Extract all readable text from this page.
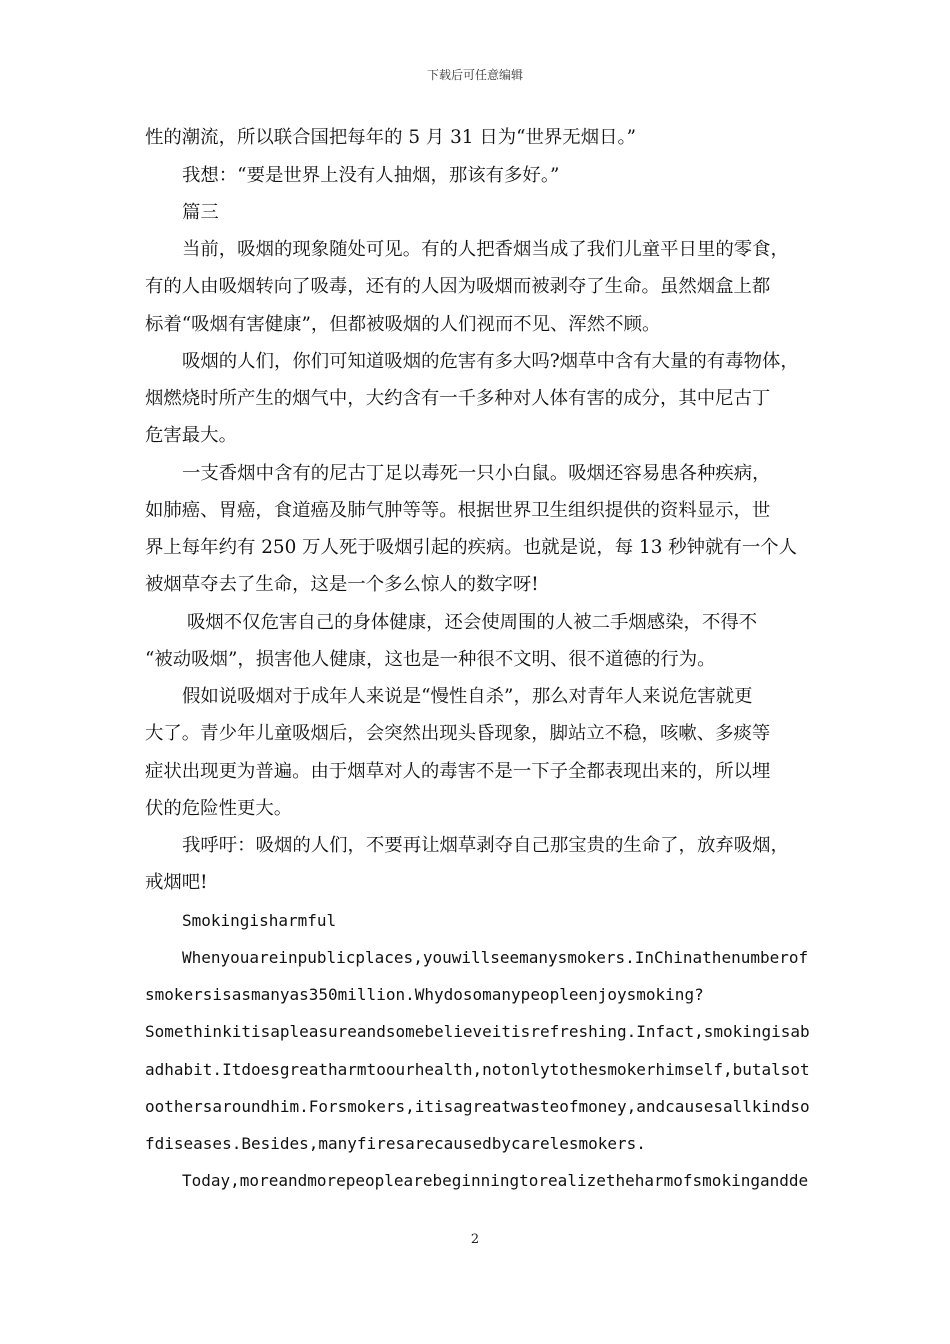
下载后可任意编辑
性的潮流，所以联合国把每年的 5 月 31 日为“世界无烟日。”
我想：“要是世界上没有人抽烟，那该有多好。”
篇三
当前，吸烟的现象随处可见。有的人把香烟当成了我们儿童平日里的零食，
有的人由吸烟转向了吸毒，还有的人因为吸烟而被剥夺了生命。虽然烟盒上都
标着“吸烟有害健康”，但都被吸烟的人们视而不见、浑然不顾。
吸烟的人们，你们可知道吸烟的危害有多大吗?烟草中含有大量的有毒物体，
烟燃烧时所产生的烟气中，大约含有一千多种对人体有害的成分，其中尼古丁
危害最大。
一支香烟中含有的尼古丁足以毒死一只小白鼠。吸烟还容易患各种疾病，
如肺癌、胃癌，食道癌及肺气肿等等。根据世界卫生组织提供的资料显示，世
界上每年约有 250 万人死于吸烟引起的疾病。也就是说，每 13 秒钟就有一个人
被烟草夺去了生命，这是一个多么惊人的数字呀!
吸烟不仅危害自己的身体健康，还会使周围的人被二手烟感染，不得不
“被动吸烟”，损害他人健康，这也是一种很不文明、很不道德的行为。
假如说吸烟对于成年人来说是“慢性自杀”，那么对青年人来说危害就更
大了。青少年儿童吸烟后，会突然出现头昏现象，脚站立不稳，咳嗽、多痰等
症状出现更为普遍。由于烟草对人的毒害不是一下子全都表现出来的，所以埋
伏的危险性更大。
我呼吁：吸烟的人们，不要再让烟草剥夺自己那宝贵的生命了，放弃吸烟，
戒烟吧!
Smokingisharmful
Whenyouareinpublicplaces,youwillseemanysmokers.InChinathenumberof
smokersisasmanyas350million.Whydosomanypeopleenjoysmoking?
Somethinkitisapleasureandsomebelieveitisrefreshing.Infact,smokingisab
adhabit.Itdoesgreatharmtoourhealth,notonlytothesmokerhimself,butalsot
oothersaroundhim.Forsmokers,itisagreatwasteofmoney,andcausesallkindso
fdiseases.Besides,manyfiresarecausedbycarelesmokers.
Today,moreandmorepeoplearebeginningtorealizetheharmofsmokingandde
2
